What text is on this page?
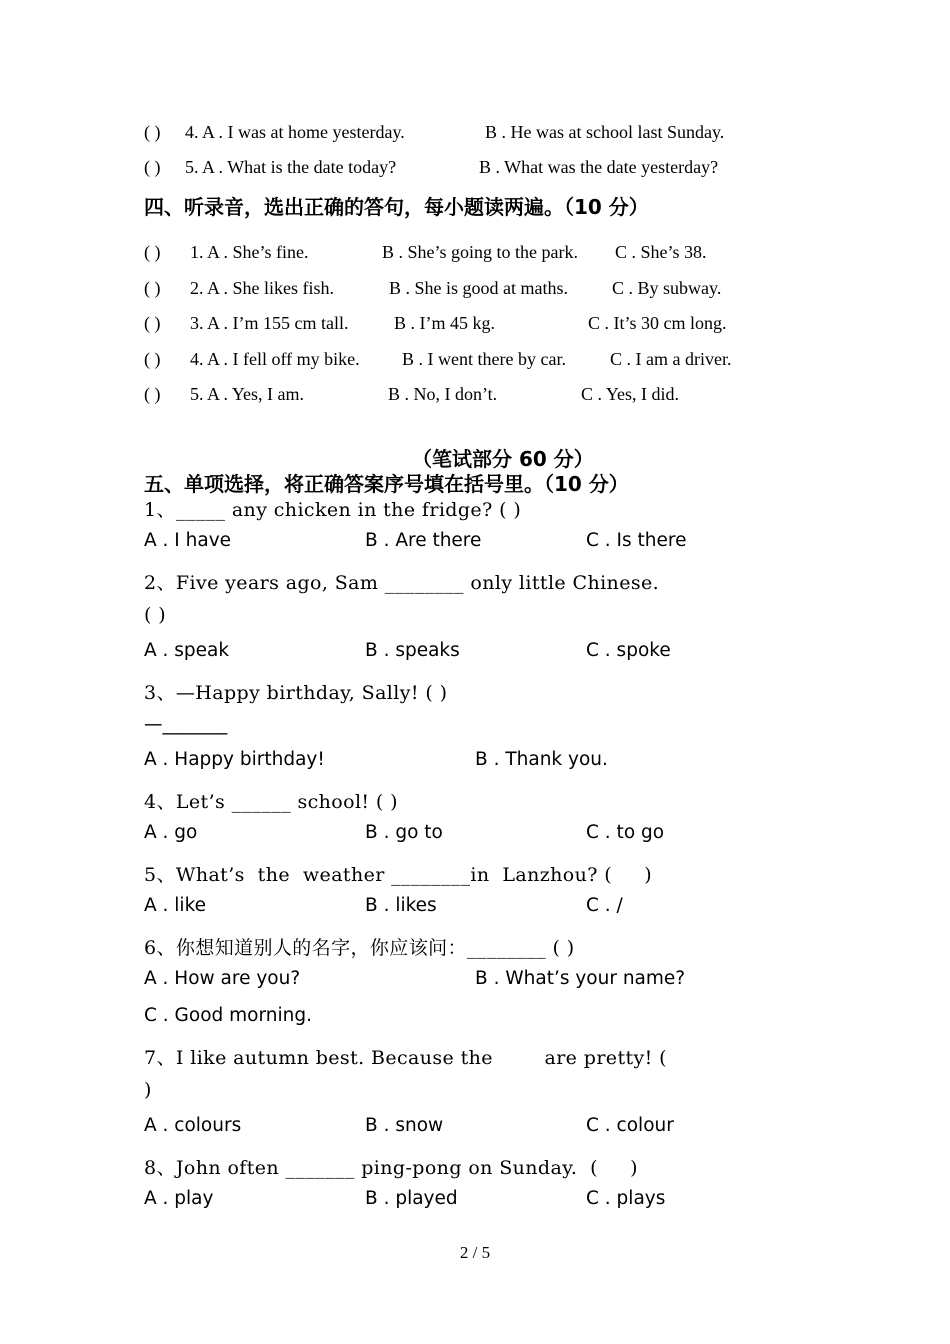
( ) 4. A . I was at home yesterday.	B . He was at school last Sunday.
( ) 5. A . What is the date today?	B . What was the date yesterday?
四、听录音，选出正确的答句，每小题读两遍。（10 分）
( ) 1. A . She’s fine.	B . She’s going to the park. C . She’s 38.
( ) 2. A . She likes fish.	B . She is good at maths. C . By subway.
( ) 3. A . I’m 155 cm tall.	B . I’m 45 kg.	C . It’s 30 cm long.
( ) 4. A . I fell off my bike. B . I went there by car. C . I am a driver.
( ) 5. A . Yes, I am.	B . No, I don’t.	C . Yes, I did.
（笔试部分 60 分）
五、单项选择，将正确答案序号填在括号里。（10 分）
1、_____ any chicken in the fridge? ( )
A . I have	B . Are there	C . Is there
2、Five years ago, Sam ________ only little Chinese.
( )
A . speak	B . speaks	C . spoke
3、—Happy birthday, Sally! ( )
—_______
A . Happy birthday!	B . Thank you.
4、Let’s ______ school! ( )
A . go	B . go to	C . to go
5、What’s  the  weather ________in  Lanzhou? (     )
A . like	B . likes	C . /
6、你想知道别人的名字，你应该问：________ ( )
A . How are you?	B . What’s your name?
C . Good morning.
7、I like autumn best. Because the        are pretty! (
)
A . colours	B . snow	C . colour
8、John often _______ ping-pong on Sunday.  (     )
A . play	B . played	C . plays
2 / 5
